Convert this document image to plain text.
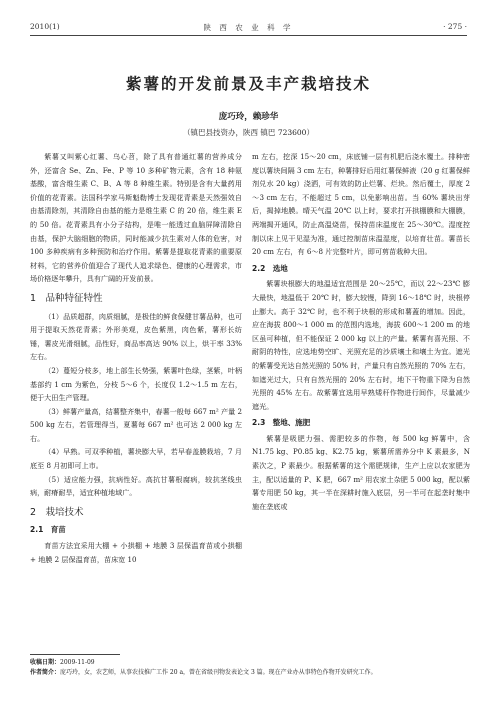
2010(1)	陕 西 农 业 科 学	· 275 ·
紫薯的开发前景及丰产栽培技术
庞巧玲，赖珍华
（镇巴县技资办，陕西 镇巴 723600）

紫薯又叫紫心红薯、乌心苕，除了具有普通红薯的营养成分外，还富含 Se、Zn、Fe、P 等 10 多种矿物元素，含有 18 种氨基酸，富含维生素 C、B、A 等 8 种维生素。特别是含有大量药用价值的花青素。法国科学家马斯魁勒博士发现花青素是天然强效自由基清除剂，其清除自由基的能力是维生素 C 的 20 倍，维生素 E 的 50 倍。花青素具有小分子结构，是唯一能透过血脑屏障清除自由基，保护大脑细胞的物质，同时能减少抗生素对人体的危害，对 100 多种疾病有多种预防和治疗作用。紫薯是提取花青素的重要原材料，它的营养价值迎合了现代人追求绿色、健康的心理需求，市场价格逐年攀升，具有广阔的开发前景。

1　品种特征特性

（1）品质超群，肉质细腻，是极佳的鲜食保健甘薯品种，也可用于提取天然花青素；外形美观，皮色紫黑，肉色紫，薯形长纺锤，薯皮光滑细腻，品性好，商品率高达 90% 以上，烘干率 33% 左右。

（2）蔓短分枝多，地上部生长势强，紫薯叶色绿，茎紫，叶柄基部约 1 cm 为紫色，分枝 5～6 个，长度仅 1.2～1.5 m 左右，便于大田生产管理。

（3）鲜薯产量高，结薯整齐集中，春薯一般每 667 m² 产量 2 500 kg 左右，若管理得当，夏薯每 667 m² 也可达 2 000 kg 左右。

（4）早熟。可双季种植，薯块膨大早，若早春盖膜栽培，7 月底至 8 月初即可上市。

（5）适应能力强，抗病性好。高抗甘薯根腐病，较抗茎线虫病，耐瘠耐旱，适宜种植地域广。

2　栽培技术
2.1　育苗

育苗方法宜采用大棚 + 小拱棚 + 地膜 3 层保温育苗或小拱棚 + 地膜 2 层保温育苗，苗床宽 10

m 左右，挖深 15～20 cm，床底铺一层有机肥后浇水覆土。排种密度以薯块间隔 3 cm 左右，种薯排好后用红薯保鲜液（20 g 红薯保鲜剂兑水 20 kg）浇洒，可有效的防止烂薯、烂块。然后覆土，厚度 2～3 cm 左右，不能超过 5 cm，以免影响出苗。当 60% 薯块出芽后，揭掉地膜。晴天气温 20℃ 以上时，要求打开拱棚膜和大棚膜，两端揭开通风，防止高温烧苗，保持苗床温度在 25～30℃。湿度控制以床上见干见湿为准，通过控制苗床温湿度，以培育壮苗。薯苗长 20 cm 左右，有 6～8 片完整叶片，即可剪苗栽种大田。

2.2　选地

紫薯块根膨大的地温适宜范围是 20～25℃，而以 22～23℃ 膨大最快，地温低于 20℃ 时，膨大较慢，降到 16～18℃ 时，块根停止膨大。高于 32℃ 时，也不利于块根的形成和薯蓋的增加。因此，应在海拔 800～1 000 m 的范围内选地，海拔 600～1 200 m 的地区虽可种植，但不能保证 2 000 kg 以上的产量。紫薯有喜光照、不耐阴的特性，应选地势空旷、光照充足的沙质壤土和壤土为宜。遮光的紫薯受光达自然光照的 50% 时，产量只有自然光照的 70% 左右，如遮光过大，只有自然光照的 20% 左右时，地下干物重下降为自然光照的 45% 左右。故紫薯宜选用早熟矮秆作物进行间作，尽量减少遮光。

2.3　整地、施肥

紫薯是吸肥力强、需肥较多的作物，每 500 kg 鲜薯中，含 N1.75 kg、P0.85 kg、K2.75 kg，紫薯所需养分中 K 素最多，N 素次之，P 素最少。根据紫薯的这个需肥规律，生产上应以农家肥为主，配以适量的 P、K 肥，667 m² 用农家土杂肥 5 000 kg，配以紫薯专用肥 50 kg，其一半在深耕时施入底层，另一半可在起垄时集中施在垄底或

收稿日期：2009-11-09
作者简介：庞巧玲，女，农艺师，从事农技推广工作 20 a，曾在省级刊物发表论文 3 篇。现在产业办从事特色作物开发研究工作。
